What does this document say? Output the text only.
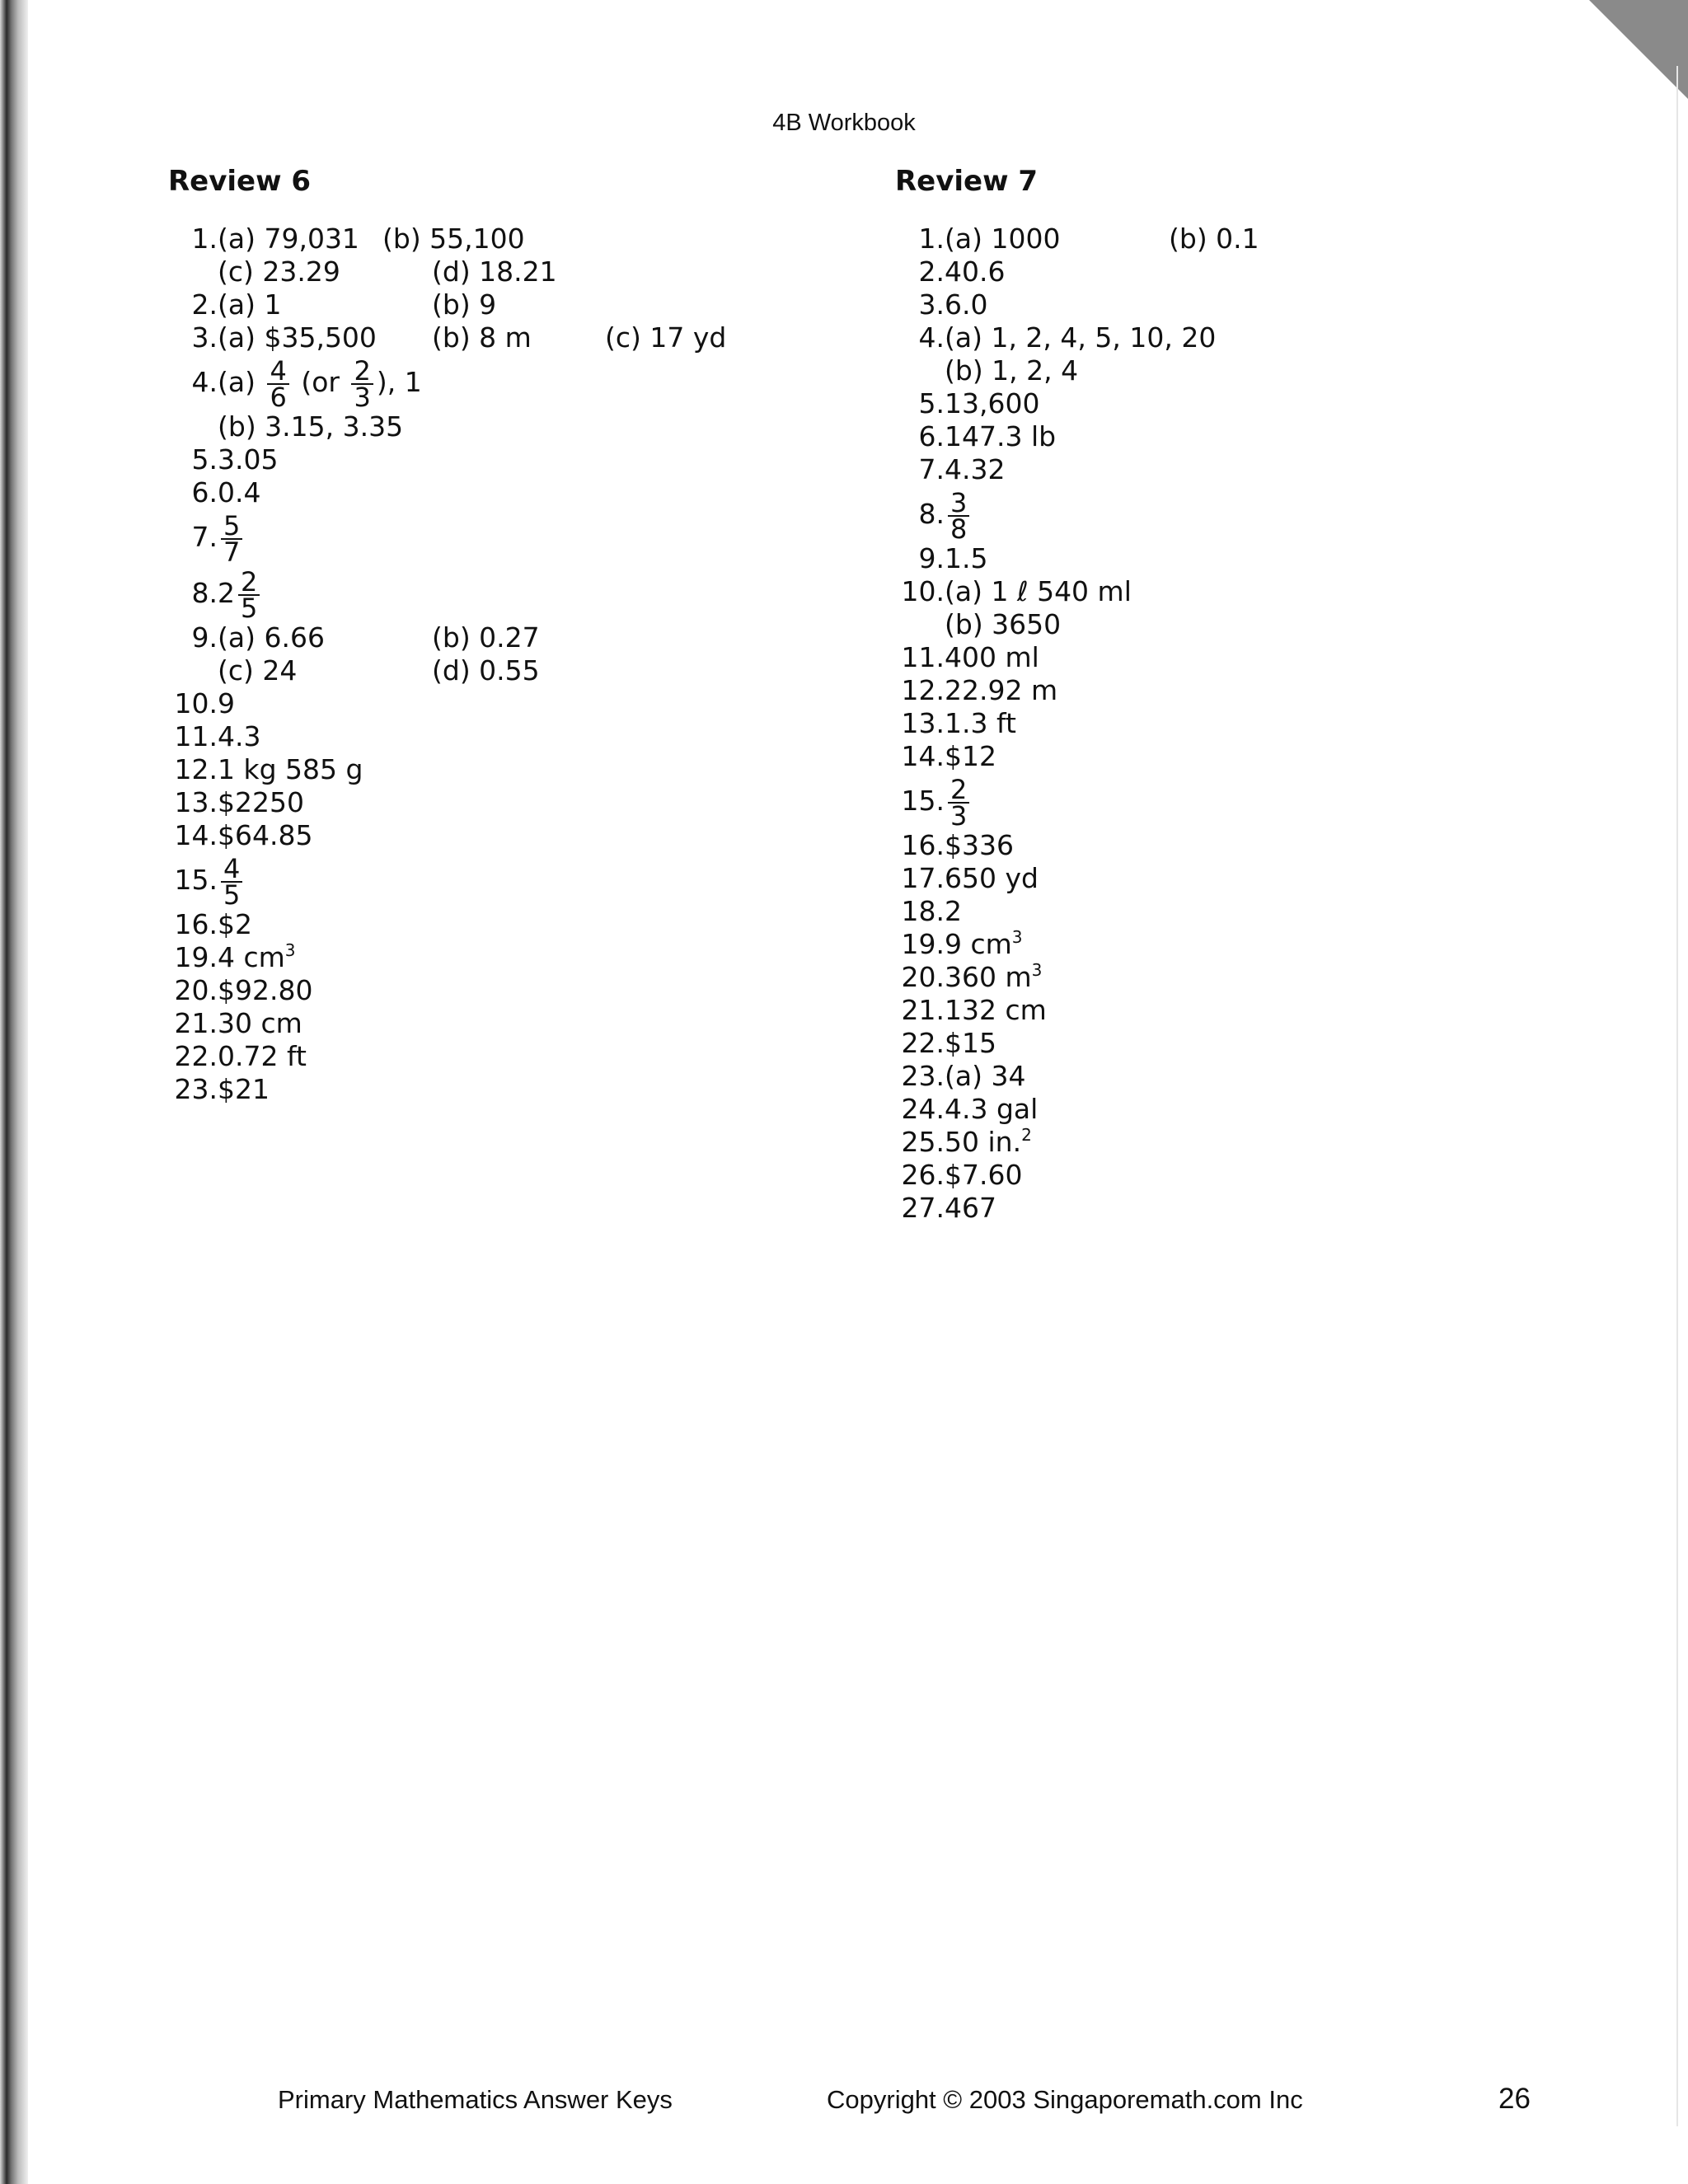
4B Workbook
Review 6
1. (a) 79,031 (b) 55,100
(c) 23.29	(d) 18.21
2. (a) 1	(b) 9
3. (a) $35,500 (b) 8 m	(c) 17 yd
4. $(a) \frac{4}{6} (or \frac{2}{3}$ ), 1
(b) 3.15, 3.35
5. 3.05
6. 0.4
7. $\frac{5}{7}$
8. $2 \frac{2}{5}$
9. (a) 6.66	(b) 0.27
(c) 24	(d) 0.55
10. 9
11. 4.3
12. 1 kg 585 g
13. $2250
14. $64.85
15. $\frac{4}{5}$
16. $2
19. 4 $cm^3$
20. $92.80
21. 30 cm
22. 0.72 ft
23. $21
Review 7
1. (a) 1000	(b) 0.1
2. 40.6
3. 6.0
4. (a) 1, 2, 4, 5, 10, 20
(b) 1, 2, 4
5. 13,600
6. 147.3 lb
7. 4.32
8. $\frac{3}{8}$
9. 1.5
10. (a) 1 ℓ 540 ml
(b) 3650
11. 400 ml
12. 22.92 m
13. 1.3 ft
14. $12
15. $\frac{2}{3}$
16. $336
17. 650 yd
18. 2
19. 9 $cm^3$
20. 360 $m^3$
21. 132 cm
22. $15
23. (a) 34
24. 4.3 gal
25. 50 in.$^2$
26. $7.60
27. 467
Primary Mathematics Answer Keys	Copyright © 2003 Singaporemath.com Inc	26
